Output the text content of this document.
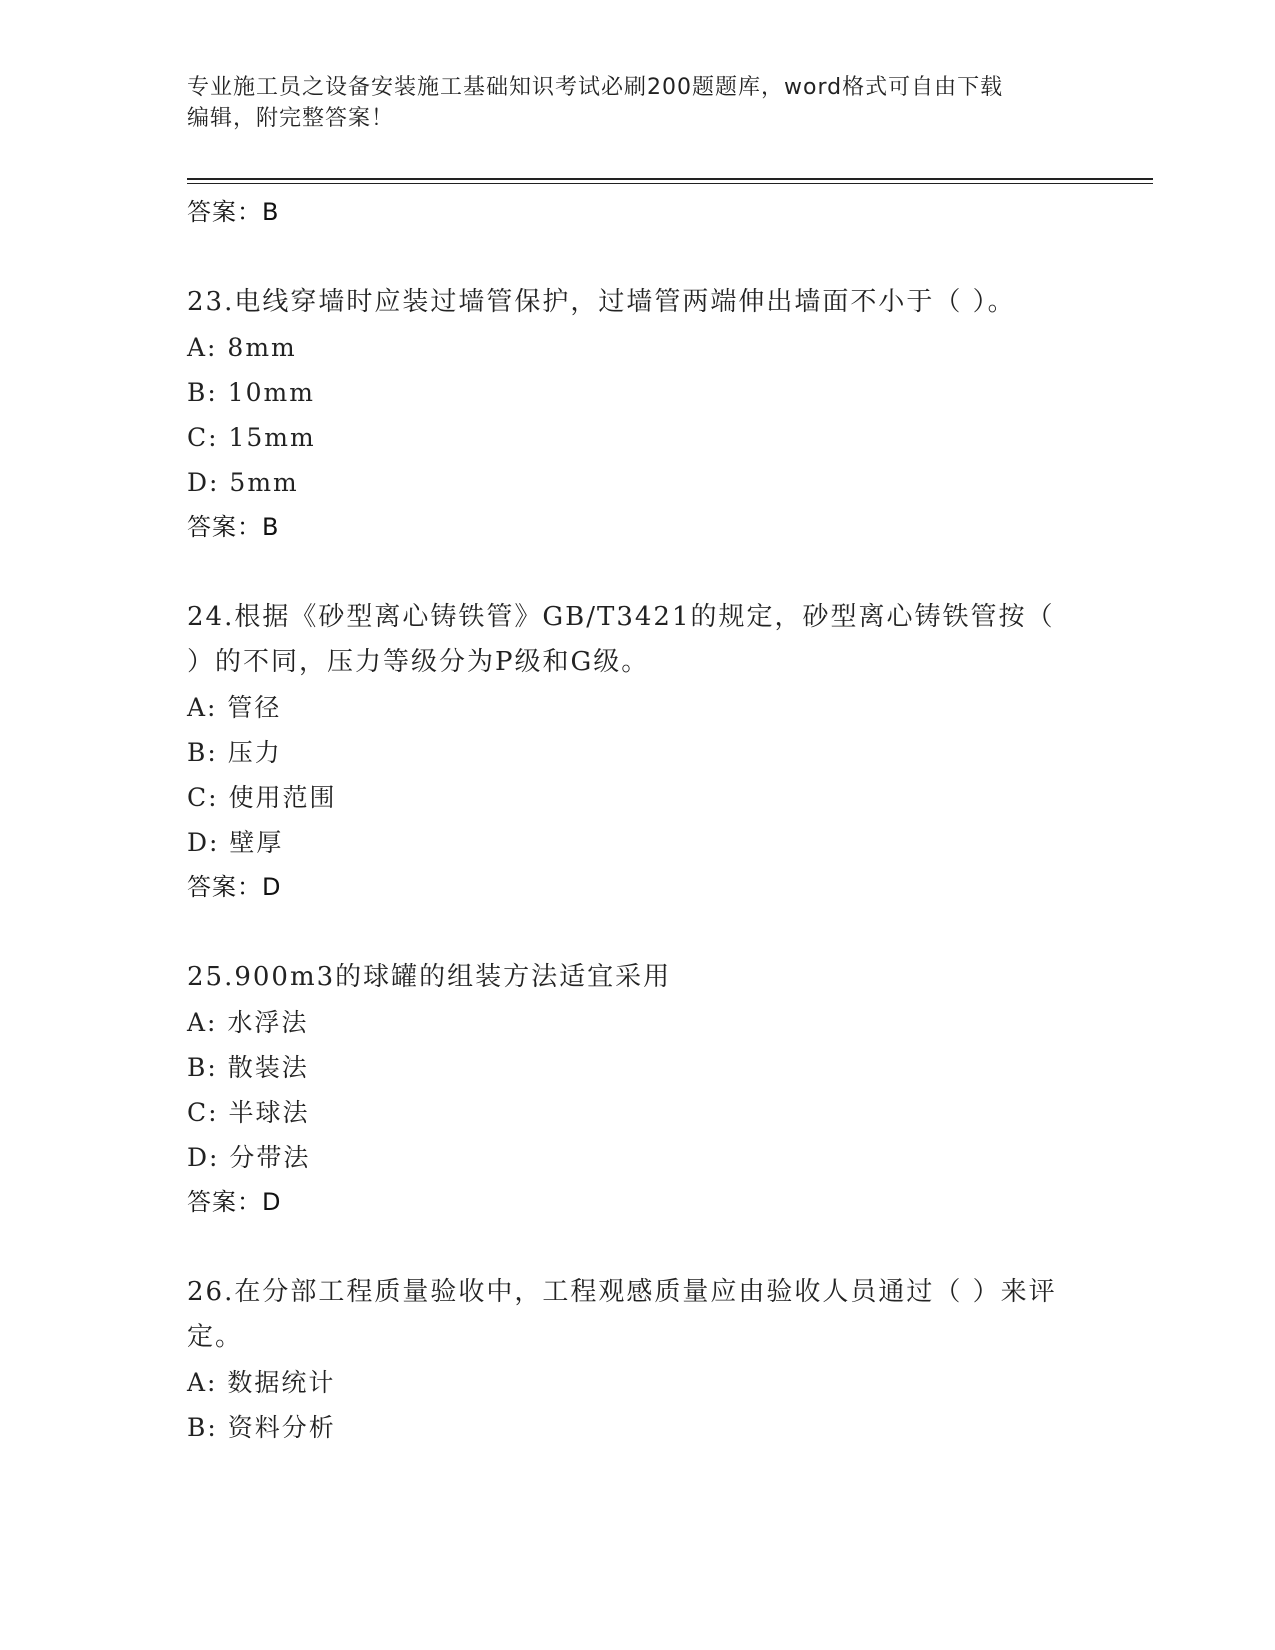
专业施工员之设备安装施工基础知识考试必刷200题题库，word格式可自由下载
编辑，附完整答案！
答案：B

23.电线穿墙时应装过墙管保护，过墙管两端伸出墙面不小于（ ）。

A: 8mm
B: 10mm
C: 15mm
D: 5mm
答案：B

24.根据《砂型离心铸铁管》GB/T3421的规定，砂型离心铸铁管按（ ）的不同，压力等级分为P级和G级。

A: 管径
B: 压力
C: 使用范围
D: 壁厚
答案：D

25.900m3的球罐的组装方法适宜采用

A: 水浮法
B: 散装法
C: 半球法
D: 分带法
答案：D

26.在分部工程质量验收中，工程观感质量应由验收人员通过（ ）来评定。

A: 数据统计
B: 资料分析
